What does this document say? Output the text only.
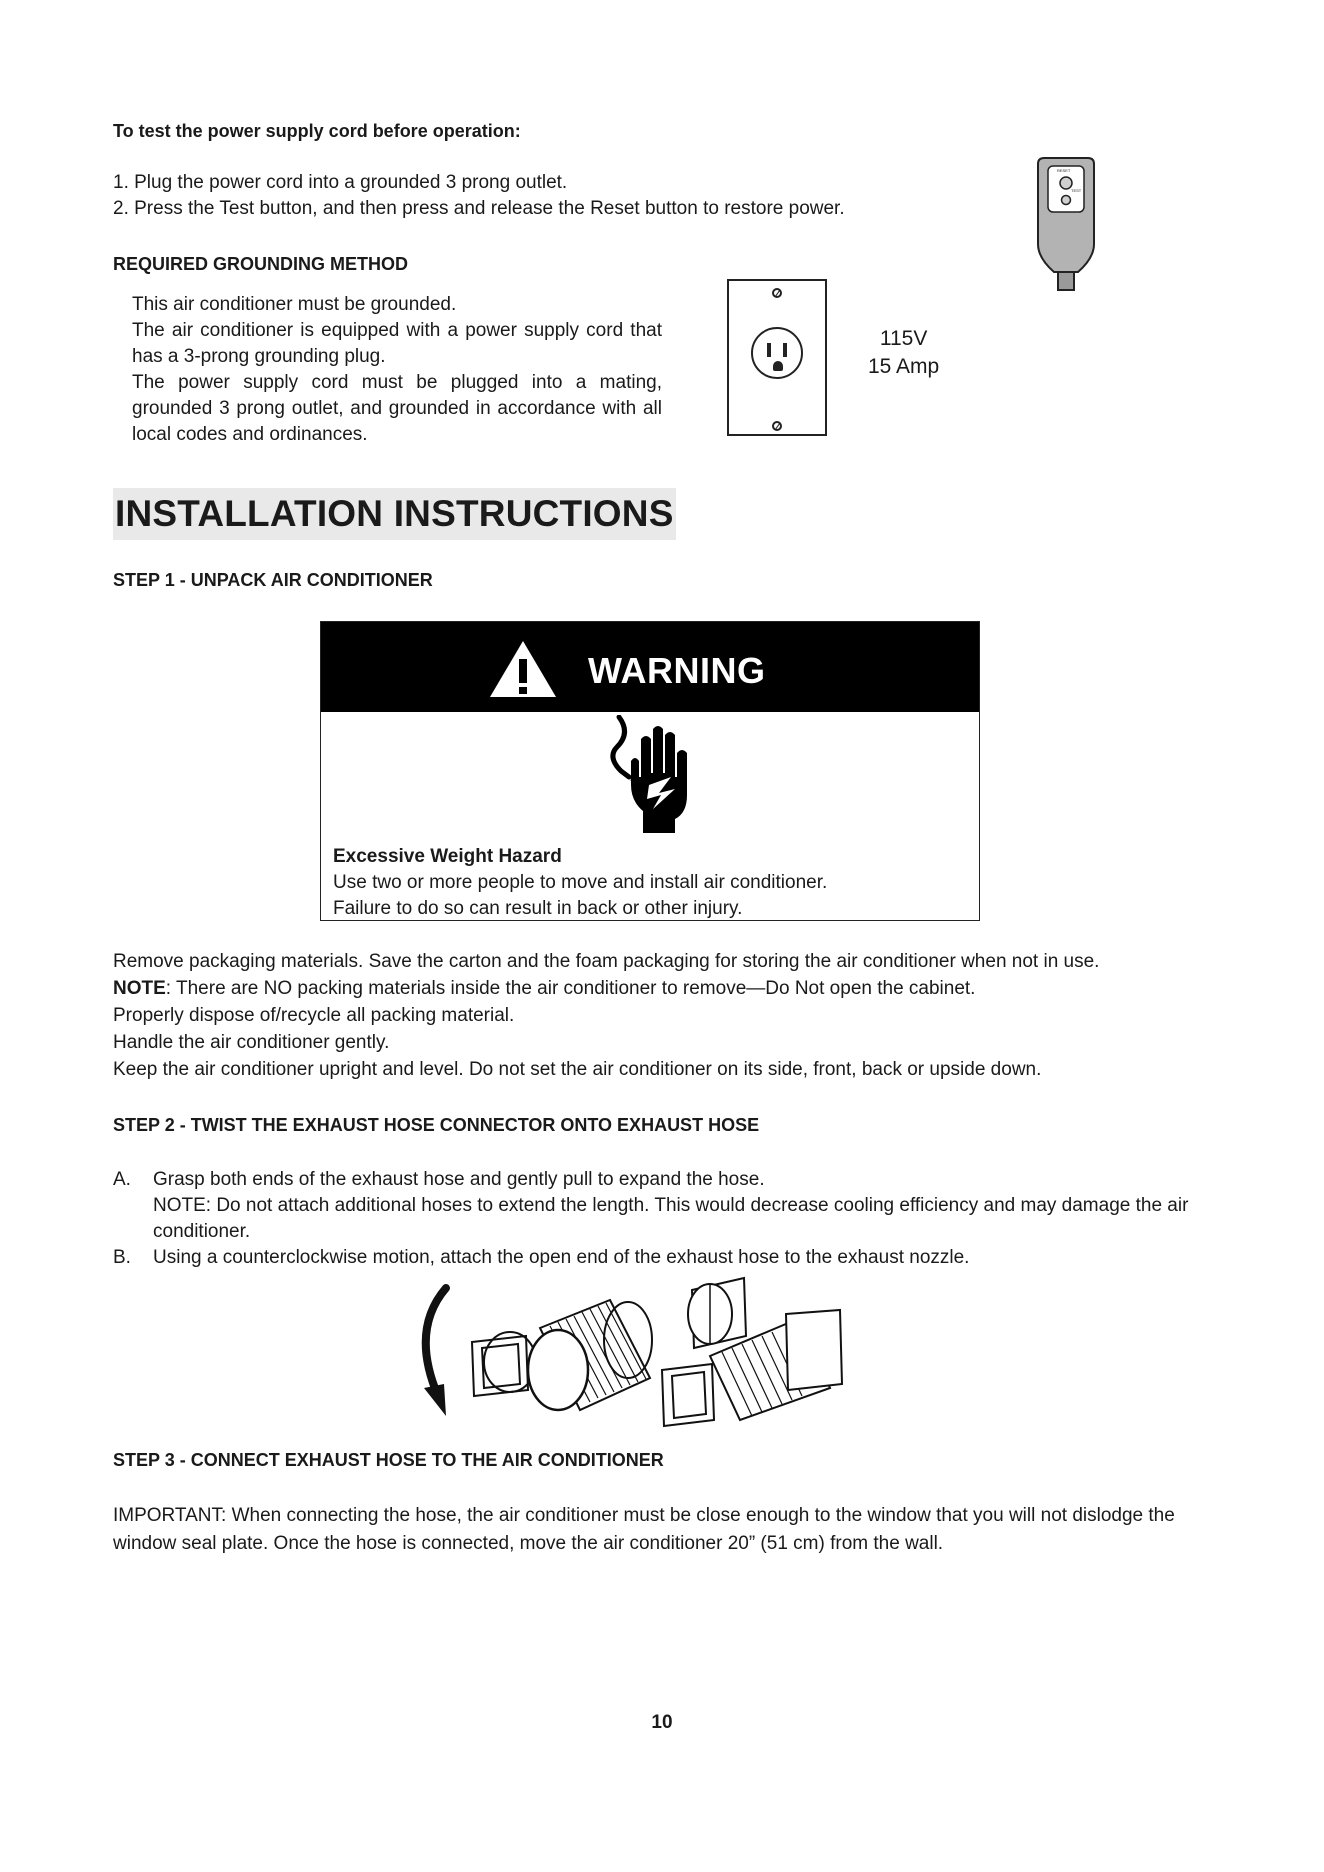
To test the power supply cord before operation:
1. Plug the power cord into a grounded 3 prong outlet.
2. Press the Test button, and then press and release the Reset button to restore power.
RESET
TEST
REQUIRED GROUNDING METHOD

This air conditioner must be grounded.

The air conditioner is equipped with a power supply cord that has a 3-prong grounding plug.

The power supply cord must be plugged into a mating, grounded 3 prong outlet, and grounded in accordance with all local codes and ordinances.

115V
15 Amp
INSTALLATION INSTRUCTIONS
STEP 1 - UNPACK AIR CONDITIONER
WARNING
Excessive Weight Hazard
Use two or more people to move and install air conditioner.
Failure to do so can result in back or other injury.

Remove packaging materials. Save the carton and the foam packaging for storing the air conditioner when not in use.

NOTE: There are NO packing materials inside the air conditioner to remove—Do Not open the cabinet.

Properly dispose of/recycle all packing material.

Handle the air conditioner gently.

Keep the air conditioner upright and level. Do not set the air conditioner on its side, front, back or upside down.

STEP 2 - TWIST THE EXHAUST HOSE CONNECTOR ONTO EXHAUST HOSE
A. Grasp both ends of the exhaust hose and gently pull to expand the hose.
NOTE: Do not attach additional hoses to extend the length. This would decrease cooling efficiency and may damage the air conditioner.
B. Using a counterclockwise motion, attach the open end of the exhaust hose to the exhaust nozzle.
STEP 3 - CONNECT EXHAUST HOSE TO THE AIR CONDITIONER
IMPORTANT: When connecting the hose, the air conditioner must be close enough to the window that you will not dislodge the window seal plate. Once the hose is connected, move the air conditioner 20” (51 cm) from the wall.
10
